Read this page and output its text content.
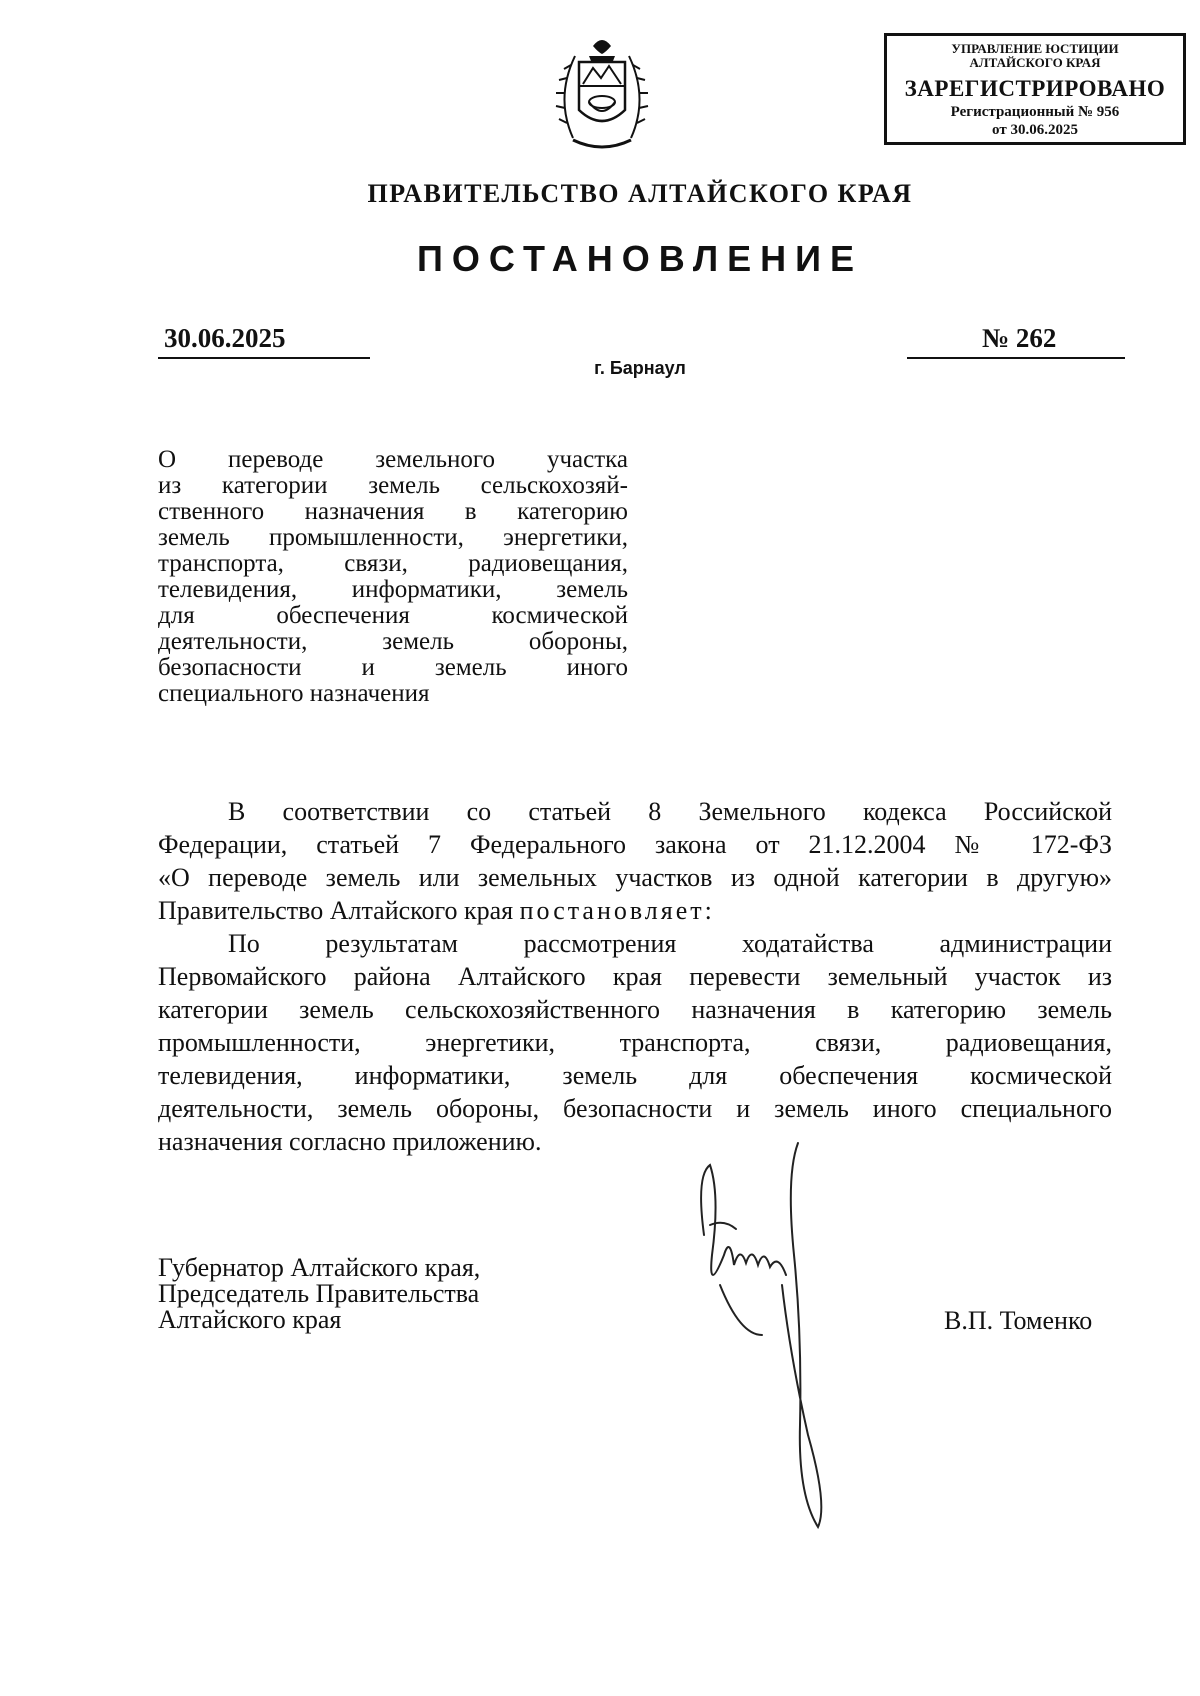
УПРАВЛЕНИЕ ЮСТИЦИИ
АЛТАЙСКОГО КРАЯ
ЗАРЕГИСТРИРОВАНО
Регистрационный № 956
от 30.06.2025
ПРАВИТЕЛЬСТВО АЛТАЙСКОГО КРАЯ
ПОСТАНОВЛЕНИЕ
30.06.2025	№ 262
г. Барнаул
О переводе земельного участка
из категории земель сельскохозяй-
ственного назначения в категорию
земель промышленности, энергетики,
транспорта, связи, радиовещания,
телевидения, информатики, земель
для обеспечения космической
деятельности, земель обороны,
безопасности и земель иного
специального назначения
В соответствии со статьей 8 Земельного кодекса Российской
Федерации, статьей 7 Федерального закона от 21.12.2004 № 172-ФЗ
«О переводе земель или земельных участков из одной категории в другую»
Правительство Алтайского края постановляет:
По результатам рассмотрения ходатайства администрации
Первомайского района Алтайского края перевести земельный участок из
категории земель сельскохозяйственного назначения в категорию земель
промышленности, энергетики, транспорта, связи, радиовещания,
телевидения, информатики, земель для обеспечения космической
деятельности, земель обороны, безопасности и земель иного специального
назначения согласно приложению.
Губернатор Алтайского края,
Председатель Правительства
Алтайского края	В.П. Томенко
